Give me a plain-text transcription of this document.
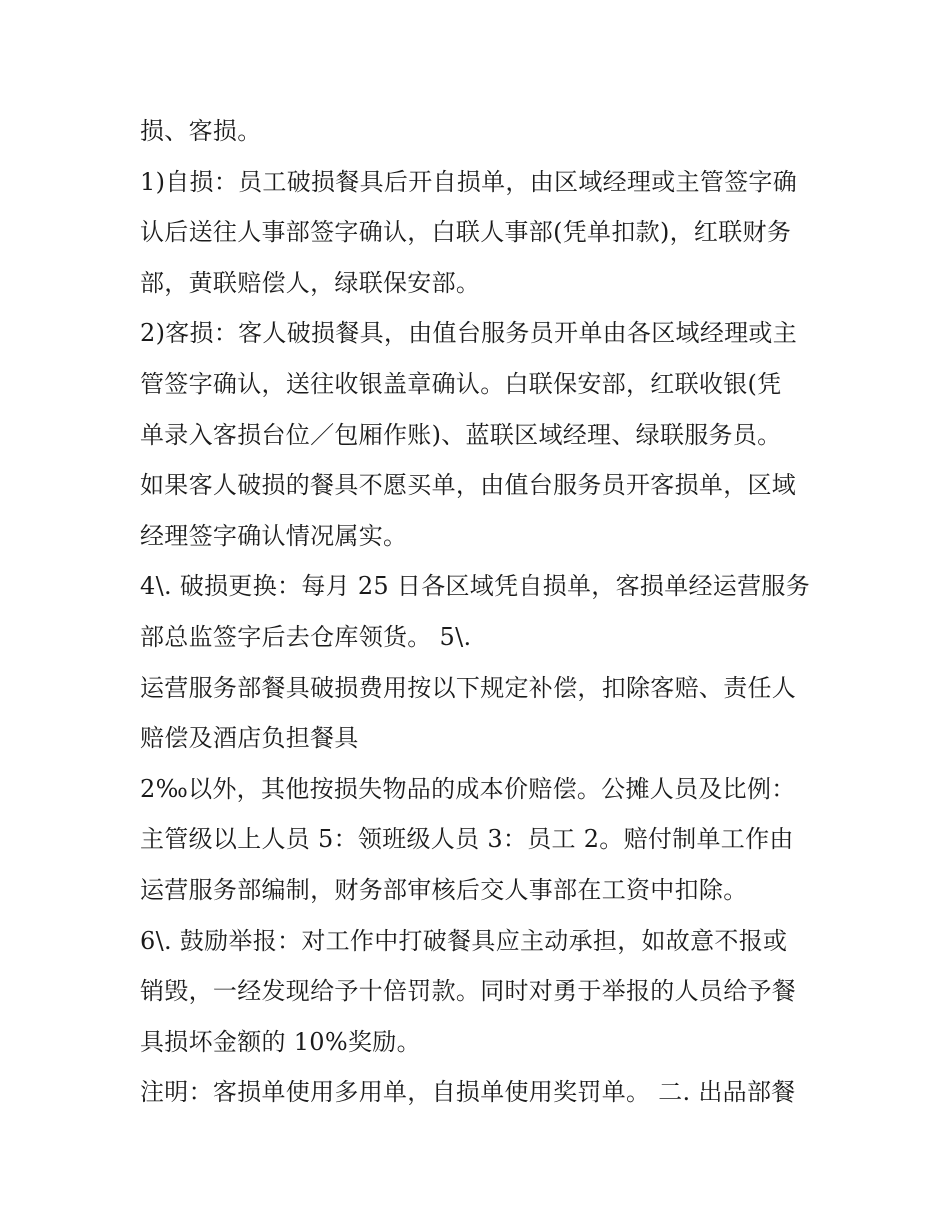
损、客损。
1)自损：员工破损餐具后开自损单，由区域经理或主管签字确
认后送往人事部签字确认，白联人事部(凭单扣款)，红联财务
部，黄联赔偿人，绿联保安部。
2)客损：客人破损餐具，由值台服务员开单由各区域经理或主
管签字确认，送往收银盖章确认。白联保安部，红联收银(凭
单录入客损台位／包厢作账)、蓝联区域经理、绿联服务员。
如果客人破损的餐具不愿买单，由值台服务员开客损单，区域
经理签字确认情况属实。
4\. 破损更换：每月 25 日各区域凭自损单，客损单经运营服务
部总监签字后去仓库领货。 5\.
运营服务部餐具破损费用按以下规定补偿，扣除客赔、责任人
赔偿及酒店负担餐具
2‰以外，其他按损失物品的成本价赔偿。公摊人员及比例：
主管级以上人员 5：领班级人员 3：员工 2。赔付制单工作由
运营服务部编制，财务部审核后交人事部在工资中扣除。
6\. 鼓励举报：对工作中打破餐具应主动承担，如故意不报或
销毁，一经发现给予十倍罚款。同时对勇于举报的人员给予餐
具损坏金额的 10%奖励。
注明：客损单使用多用单，自损单使用奖罚单。 二. 出品部餐
